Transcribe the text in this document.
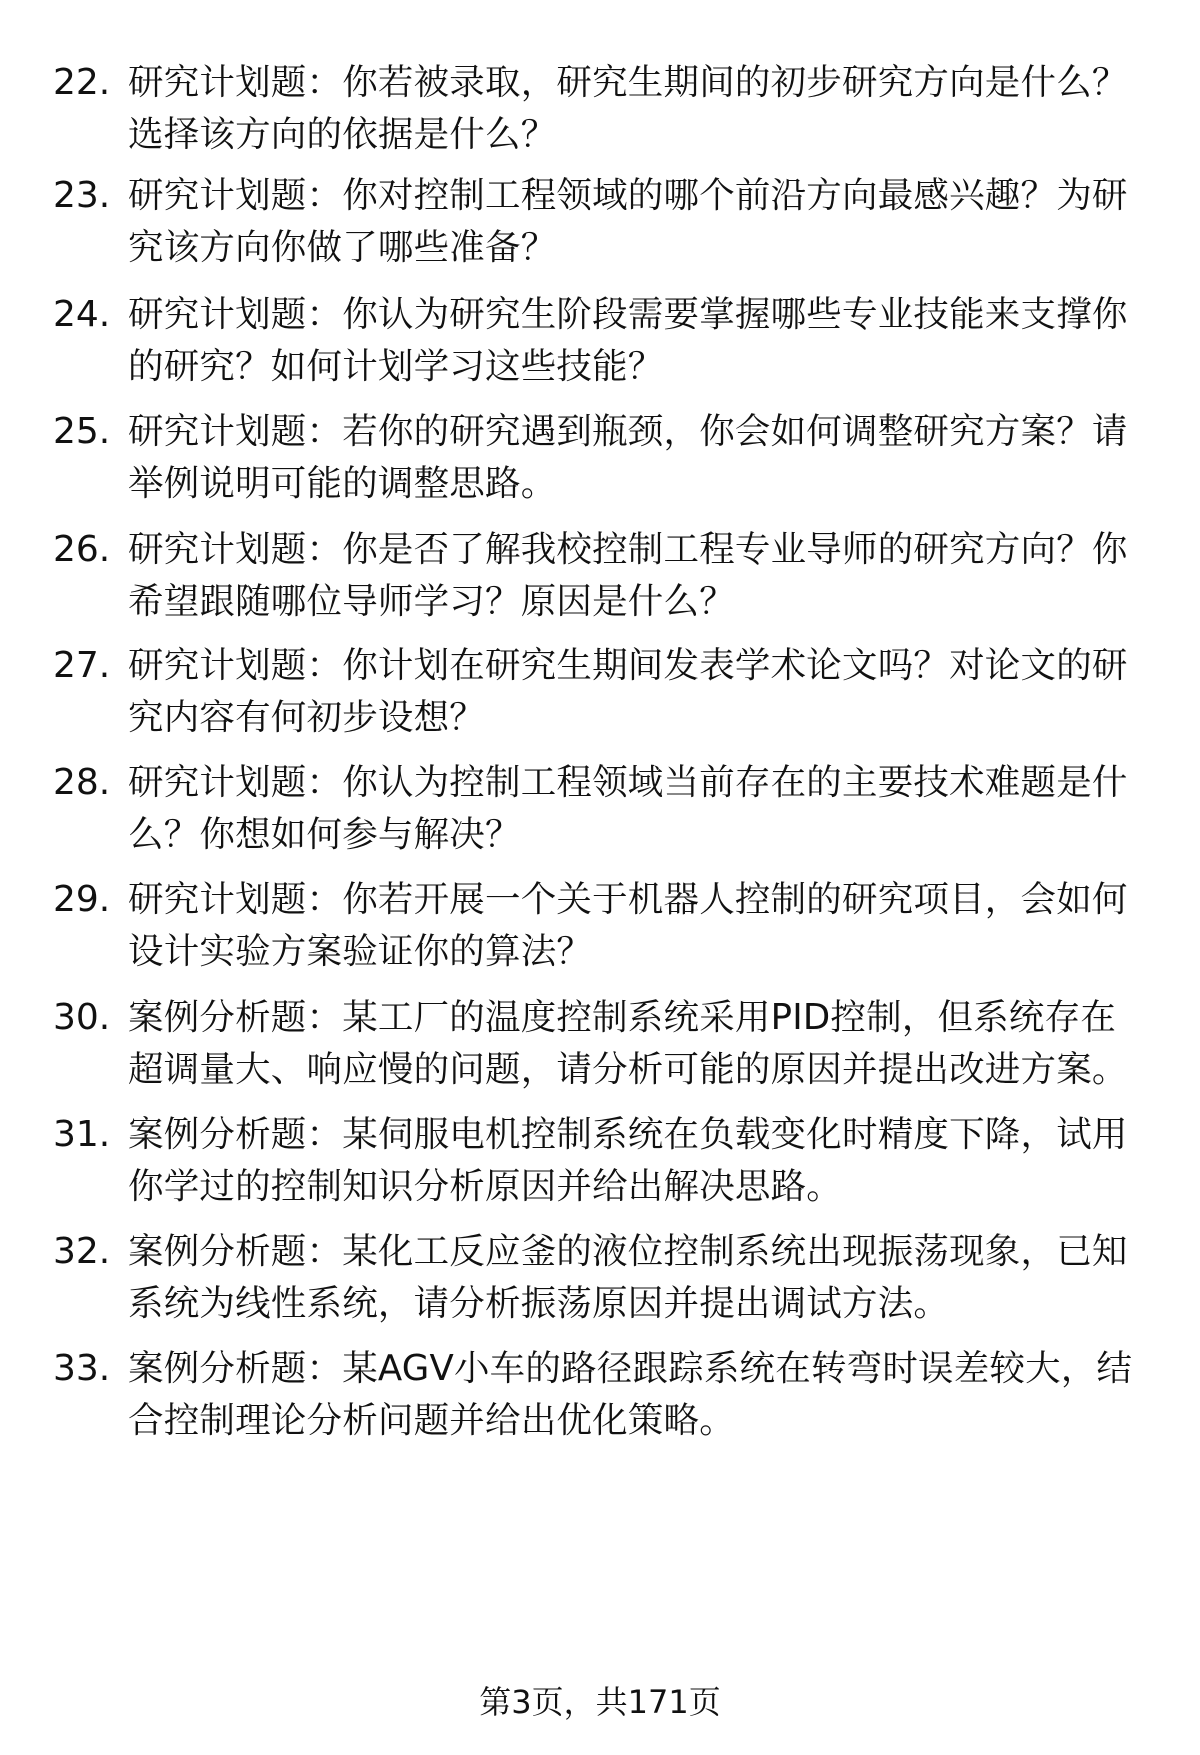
22. 研究计划题：你若被录取，研究生期间的初步研究方向是什么？选择该方向的依据是什么？
23. 研究计划题：你对控制工程领域的哪个前沿方向最感兴趣？为研究该方向你做了哪些准备？
24. 研究计划题：你认为研究生阶段需要掌握哪些专业技能来支撑你的研究？如何计划学习这些技能？
25. 研究计划题：若你的研究遇到瓶颈，你会如何调整研究方案？请举例说明可能的调整思路。
26. 研究计划题：你是否了解我校控制工程专业导师的研究方向？你希望跟随哪位导师学习？原因是什么？
27. 研究计划题：你计划在研究生期间发表学术论文吗？对论文的研究内容有何初步设想？
28. 研究计划题：你认为控制工程领域当前存在的主要技术难题是什么？你想如何参与解决？
29. 研究计划题：你若开展一个关于机器人控制的研究项目，会如何设计实验方案验证你的算法？
30. 案例分析题：某工厂的温度控制系统采用PID控制，但系统存在超调量大、响应慢的问题，请分析可能的原因并提出改进方案。
31. 案例分析题：某伺服电机控制系统在负载变化时精度下降，试用你学过的控制知识分析原因并给出解决思路。
32. 案例分析题：某化工反应釜的液位控制系统出现振荡现象，已知系统为线性系统，请分析振荡原因并提出调试方法。
33. 案例分析题：某AGV小车的路径跟踪系统在转弯时误差较大，结合控制理论分析问题并给出优化策略。
第3页，共171页
